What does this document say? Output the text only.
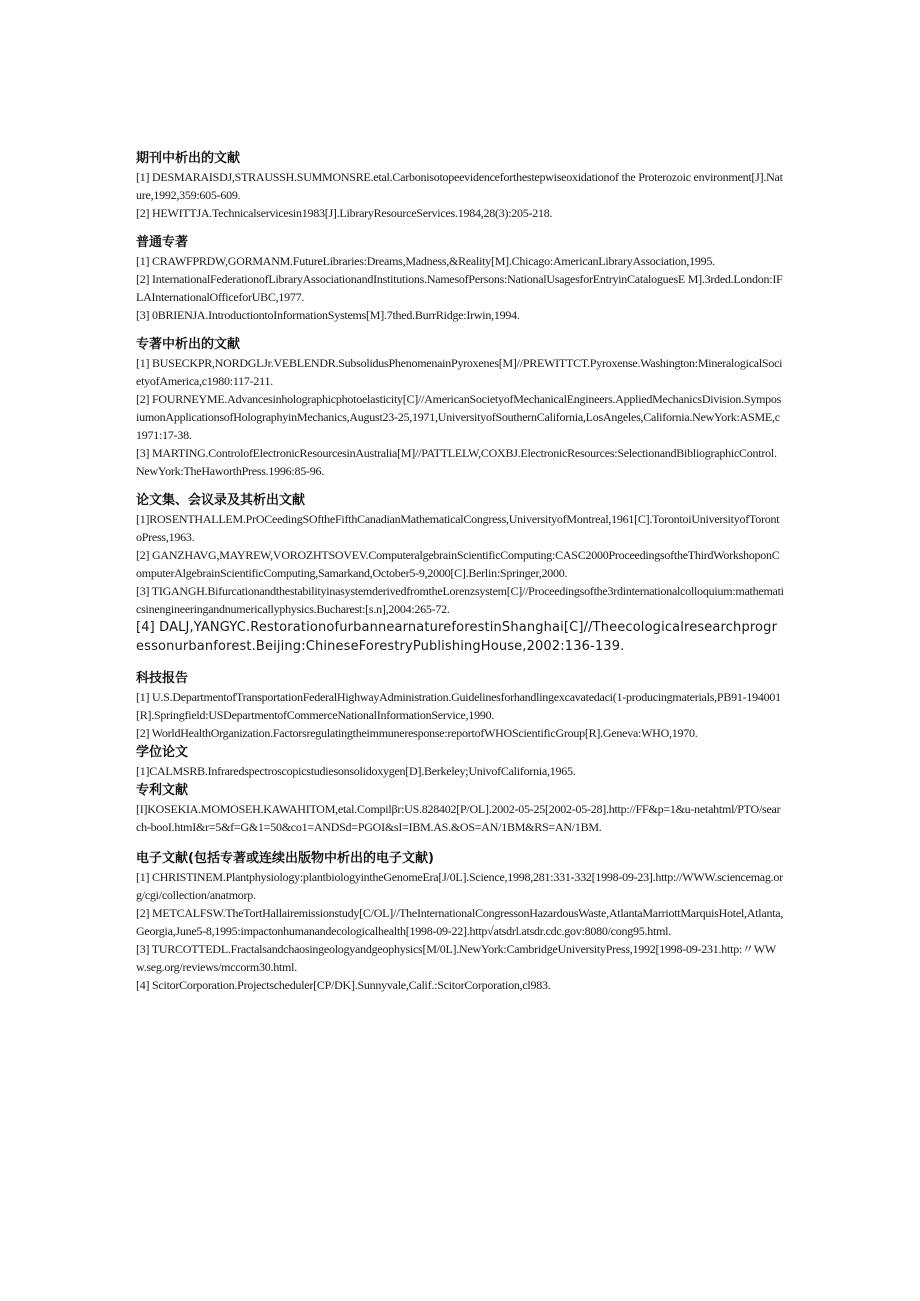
期刊中析出的文献
[1] DESMARAISDJ,STRAUSSH.SUMMONSRE.etal.Carbonisotopeevidenceforthestepwiseoxidationof the Proterozoic environment[J].Nature,1992,359:605-609.
[2] HEWITTJA.Technicalservicesin1983[J].LibraryResourceServices.1984,28(3):205-218.
普通专著
[1] CRAWFPRDW,GORMANM.FutureLibraries:Dreams,Madness,&Reality[M].Chicago:AmericanLibraryAssociation,1995.
[2] InternationalFederationofLibraryAssociationandInstitutions.NamesofPersons:NationalUsagesforEntryinCataloguesE M].3rded.London:IFLAInternationalOfficeforUBC,1977.
[3] 0BRIENJA.IntroductiontoInformationSystems[M].7thed.BurrRidge:Irwin,1994.
专著中析出的文献
[1] BUSECKPR,NORDGLJr.VEBLENDR.SubsolidusPhenomenainPyroxenes[M]//PREWITTCT.Pyroxense.Washington:MineralogicalSocietyofAmerica,c1980:117-211.
[2] FOURNEYME.Advancesinholographicphotoelasticity[C]//AmericanSocietyofMechanicalEngineers.AppliedMechanicsDivision.SymposiumonApplicationsofHolographyinMechanics,August23-25,1971,UniversityofSouthernCalifornia,LosAngeles,California.NewYork:ASME,c1971:17-38.
[3] MARTING.ControlofElectronicResourcesinAustralia[M]//PATTLELW,COXBJ.ElectronicResources:SelectionandBibliographicControl.NewYork:TheHaworthPress.1996:85-96.
论文集、会议录及其析出文献
[1]ROSENTHALLEM.PrOCeedingSOftheFifthCanadianMathematicalCongress,UniversityofMontreal,1961[C].TorontoiUniversityofTorontoPress,1963.
[2] GANZHAVG,MAYREW,VOROZHTSOVEV.ComputeralgebrainScientificComputing:CASC2000ProceedingsoftheThirdWorkshoponComputerAlgebrainScientificComputing,Samarkand,October5-9,2000[C].Berlin:Springer,2000.
[3] TIGANGH.BifurcationandthestabilityinasystemderivedfromtheLorenzsystem[C]//Proceedingsofthe3rdinternationalcolloquium:mathematicsinengineeringandnumericallyphysics.Bucharest:[s.n],2004:265-72.
[4] DALJ,YANGYC.RestorationofurbannearnatureforestinShanghai[C]//Theecologicalresearchprogressonurbanforest.Beijing:ChineseForestryPublishingHouse,2002:136-139.
科技报告
[1] U.S.DepartmentofTransportationFederalHighwayAdministration.Guidelinesforhandlingexcavatedaci(1-producingmaterials,PB91-194001[R].Springfield:USDepartmentofCommerceNationalInformationService,1990.
[2] WorldHealthOrganization.Factorsregulatingtheimmuneresponse:reportofWHOScientificGroup[R].Geneva:WHO,1970.
学位论文
[1]CALMSRB.Infraredspectroscopicstudiesonsolidoxygen[D].Berkeley;UnivofCalifornia,1965.
专利文献
[I]KOSEKIA.MOMOSEH.KAWAHITOM,etal.Compilβr:US.828402[P/OL].2002-05-25[2002-05-28].http://FF&p=1&u-netahtml/PTO/search-booI.htmI&r=5&f=G&1=50&co1=ANDSd=PGOI&sI=IBM.AS.&OS=AN/1BM&RS=AN/1BM.
电子文献(包括专著或连续出版物中析出的电子文献)
[1] CHRISTINEM.Plantphysiology:plantbiologyintheGenomeEra[J/0L].Science,1998,281:331-332[1998-09-23].http://WWW.sciencemag.org/cgi/collection/anatmorp.
[2] METCALFSW.TheTortHallairemissionstudy[C/OL]//TheInternationalCongressonHazardousWaste,AtlantaMarriottMarquisHotel,Atlanta,Georgia,June5-8,1995:impactonhumanandecologicalhealth[1998-09-22].http√atsdrl.atsdr.cdc.gov:8080/cong95.html.
[3] TURCOTTEDL.Fractalsandchaosingeologyandgeophysics[M/0L].NewYork:CambridgeUniversityPress,1992[1998-09-231.http:〃WWw.seg.org/reviews/mccorm30.html.
[4] ScitorCorporation.Projectscheduler[CP/DK].Sunnyvale,Calif.:ScitorCorporation,cl983.
